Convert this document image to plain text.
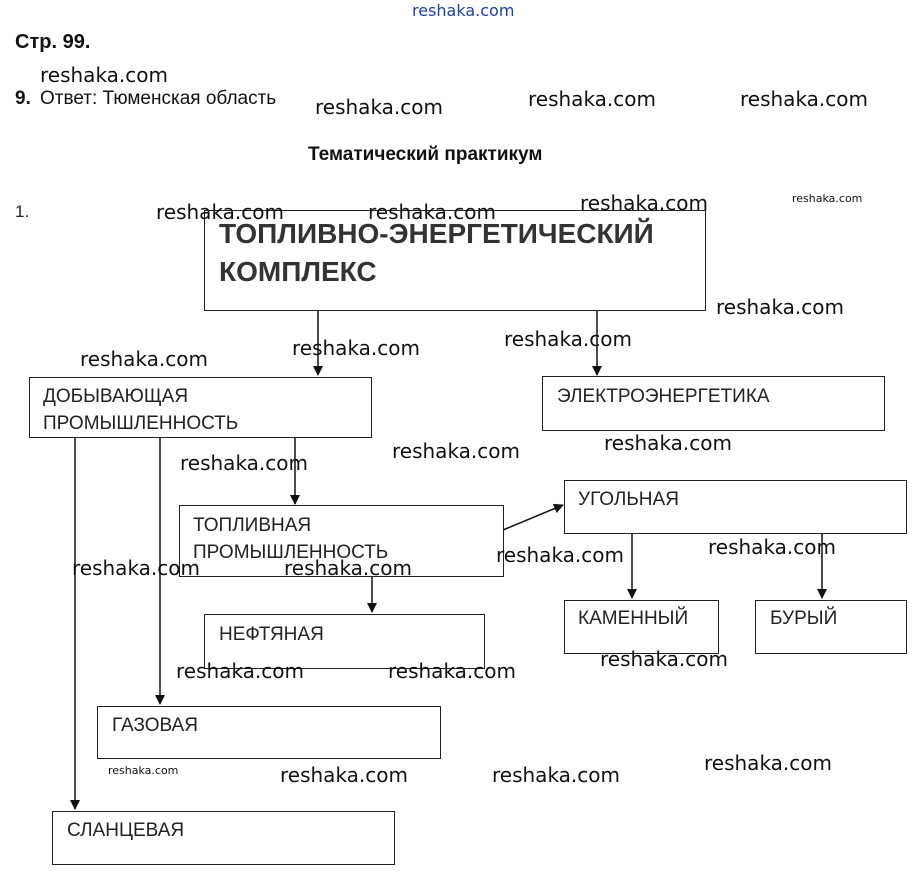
reshaka.com
Стр. 99.
9. Ответ: Тюменская область
Тематический практикум
1.
ТОПЛИВНО-ЭНЕРГЕТИЧЕСКИЙ
КОМПЛЕКС
ДОБЫВАЮЩАЯ
ПРОМЫШЛЕННОСТЬ
ЭЛЕКТРОЭНЕРГЕТИКА
ТОПЛИВНАЯ
ПРОМЫШЛЕННОСТЬ
УГОЛЬНАЯ
КАМЕННЫЙ	БУРЫЙ
НЕФТЯНАЯ
ГАЗОВАЯ
СЛАНЦЕВАЯ
reshaka.com
reshaka.com	reshaka.com	reshaka.com
reshaka.com	reshaka.com	reshaka.com	reshaka.com
reshaka.com
reshaka.com	reshaka.com
reshaka.com
reshaka.com
reshaka.com
reshaka.com
reshaka.com
reshaka.com
reshaka.com	reshaka.com
reshaka.com
reshaka.com	reshaka.com
reshaka.com
reshaka.com	reshaka.com	reshaka.com
